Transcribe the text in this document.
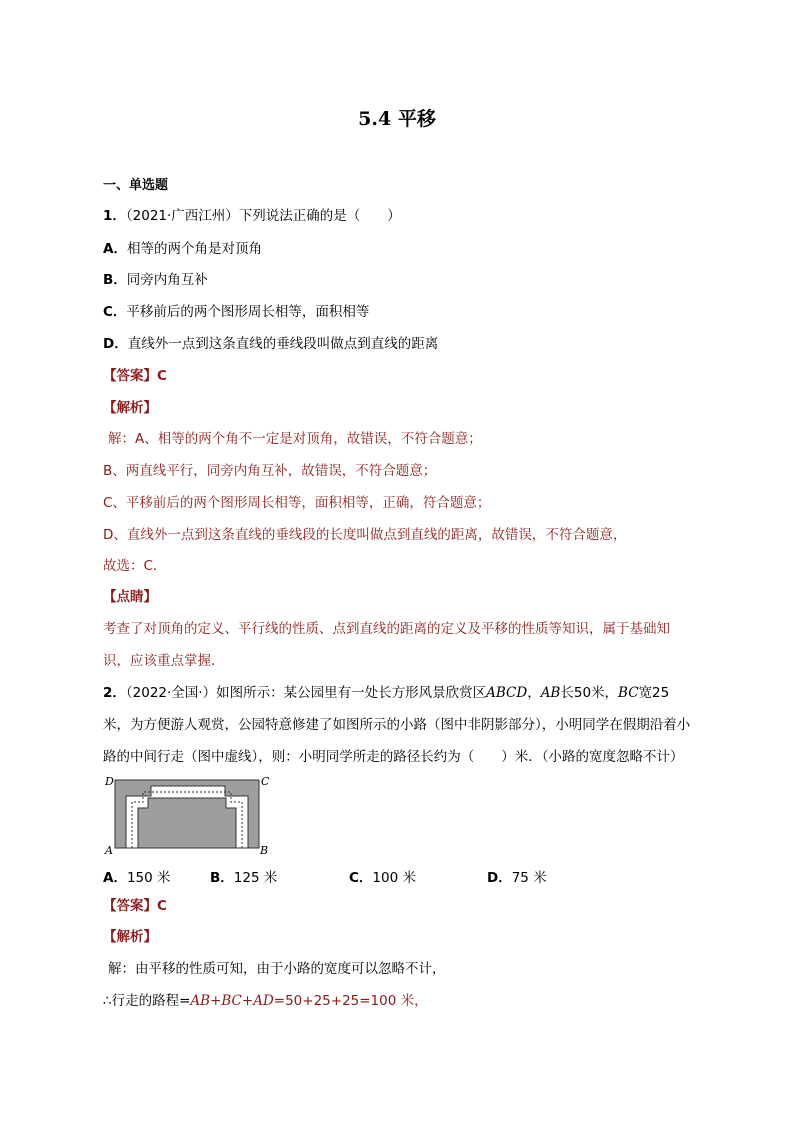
5.4 平移
一、单选题
1．（2021·广西江州）下列说法正确的是（　　）
A．相等的两个角是对顶角
B．同旁内角互补
C．平移前后的两个图形周长相等，面积相等
D．直线外一点到这条直线的垂线段叫做点到直线的距离
【答案】C
【解析】
解：A、相等的两个角不一定是对顶角，故错误，不符合题意；
B、两直线平行，同旁内角互补，故错误，不符合题意；
C、平移前后的两个图形周长相等，面积相等，正确，符合题意；
D、直线外一点到这条直线的垂线段的长度叫做点到直线的距离，故错误，不符合题意，
故选：C．
【点睛】
考查了对顶角的定义、平行线的性质、点到直线的距离的定义及平移的性质等知识，属于基础知
识，应该重点掌握．
2．（2022·全国·）如图所示：某公园里有一处长方形风景欣赏区ABCD，AB长50米，BC宽25
米，为方便游人观赏，公园特意修建了如图所示的小路（图中非阴影部分），小明同学在假期沿着小
路的中间行走（图中虚线），则：小明同学所走的路径长约为（　　）米．（小路的宽度忽略不计）
D	C
A	B
A．150 米	B．125 米	C．100 米	D．75 米
【答案】C
【解析】
解：由平移的性质可知，由于小路的宽度可以忽略不计，
∴行走的路程=AB+BC+AD=50+25+25=100 米，
